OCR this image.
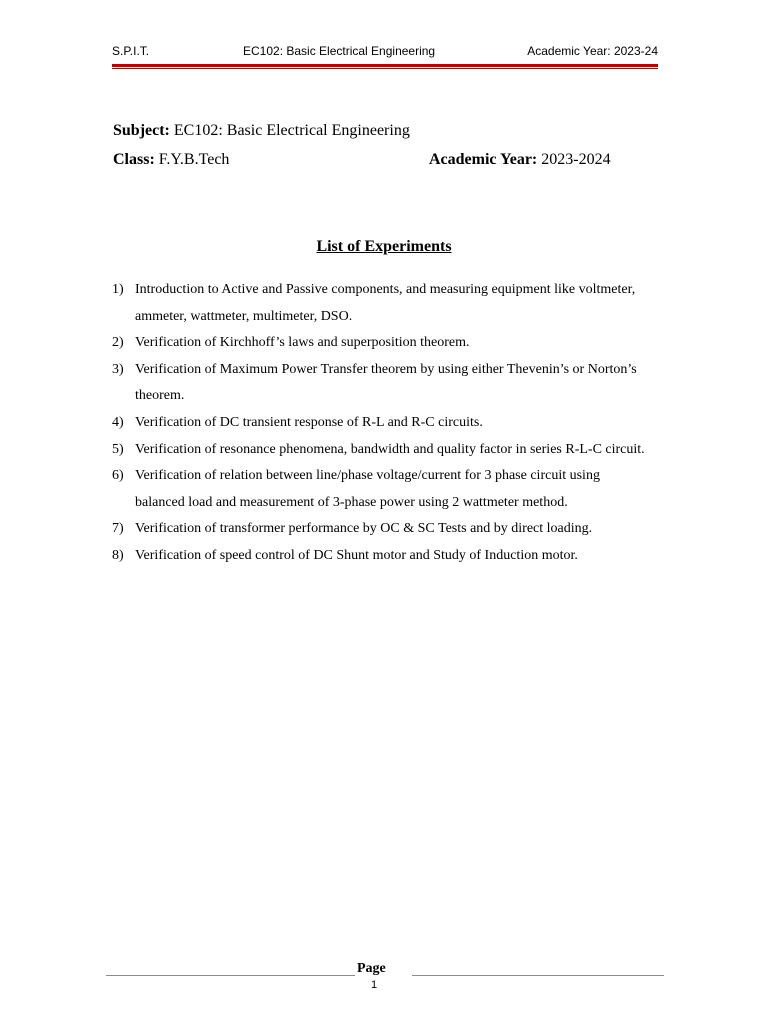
S.P.I.T.	EC102: Basic Electrical Engineering	Academic Year: 2023-24
Subject: EC102: Basic Electrical Engineering
Class: F.Y.B.Tech	Academic Year: 2023-2024
List of Experiments
1) Introduction to Active and Passive components, and measuring equipment like voltmeter, ammeter, wattmeter, multimeter, DSO.
2) Verification of Kirchhoff’s laws and superposition theorem.
3) Verification of Maximum Power Transfer theorem by using either Thevenin’s or Norton’s theorem.
4) Verification of DC transient response of R-L and R-C circuits.
5) Verification of resonance phenomena, bandwidth and quality factor in series R-L-C circuit.
6) Verification of relation between line/phase voltage/current for 3 phase circuit using balanced load and measurement of 3-phase power using 2 wattmeter method.
7) Verification of transformer performance by OC & SC Tests and by direct loading.
8) Verification of speed control of DC Shunt motor and Study of Induction motor.
Page
1
